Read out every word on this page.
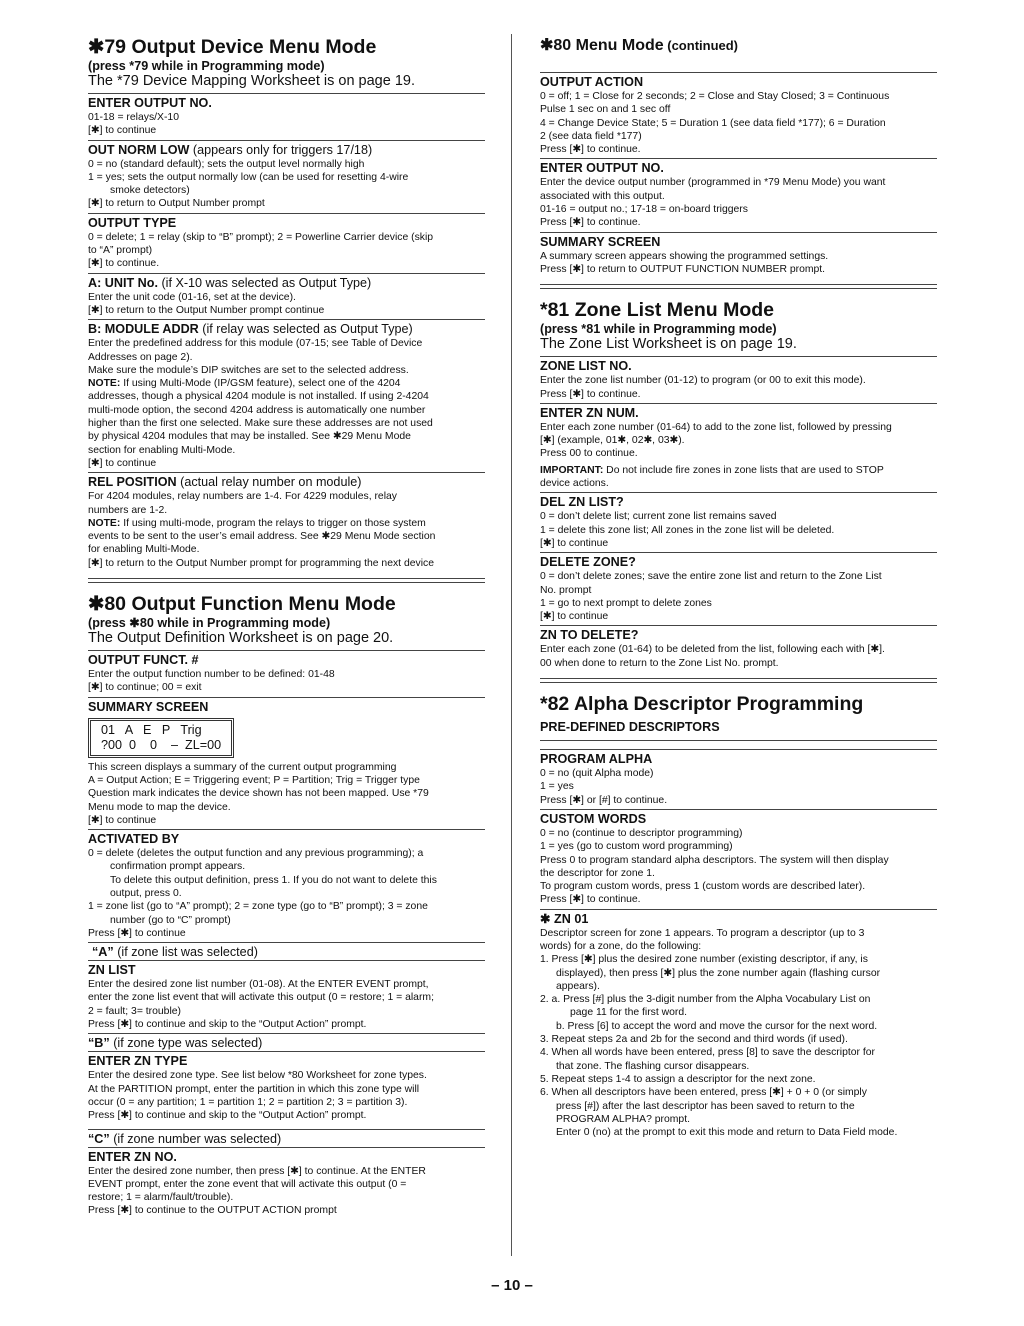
✱79 Output Device Menu Mode
(press *79 while in Programming mode)
The *79 Device Mapping Worksheet is on page 19.
ENTER OUTPUT NO.
01-18 = relays/X-10
[✱] to continue
OUT NORM LOW (appears only for triggers 17/18)
0 = no (standard default); sets the output level normally high
1 = yes; sets the output normally low (can be used for resetting 4-wire
smoke detectors)
[✱] to return to Output Number prompt
OUTPUT TYPE
0 = delete; 1 = relay (skip to “B” prompt); 2 = Powerline Carrier device (skip
to “A” prompt)
[✱] to continue.
A: UNIT No. (if X-10 was selected as Output Type)
Enter the unit code (01-16, set at the device).
[✱] to return to the Output Number prompt continue
B: MODULE ADDR (if relay was selected as Output Type)
Enter the predefined address for this module (07-15; see Table of Device
Addresses on page 2).
Make sure the module’s DIP switches are set to the selected address.
NOTE: If using Multi-Mode (IP/GSM feature), select one of the 4204
addresses, though a physical 4204 module is not installed. If using 2-4204
multi-mode option, the second 4204 address is automatically one number
higher than the first one selected. Make sure these addresses are not used
by physical 4204 modules that may be installed. See ✱29 Menu Mode
section for enabling Multi-Mode.
[✱] to continue
REL POSITION (actual relay number on module)
For 4204 modules, relay numbers are 1-4. For 4229 modules, relay
numbers are 1-2.
NOTE: If using multi-mode, program the relays to trigger on those system
events to be sent to the user’s email address. See ✱29 Menu Mode section
for enabling Multi-Mode.
[✱] to return to the Output Number prompt for programming the next device
✱80 Output Function Menu Mode
(press ✱80 while in Programming mode)
The Output Definition Worksheet is on page 20.
OUTPUT FUNCT. #
Enter the output function number to be defined: 01-48
[✱] to continue; 00 = exit
SUMMARY SCREEN
01   A   E   P   Trig
?00  0    0    –  ZL=00
This screen displays a summary of the current output programming
A = Output Action; E = Triggering event; P = Partition; Trig = Trigger type
Question mark indicates the device shown has not been mapped. Use *79
Menu mode to map the device.
[✱] to continue
ACTIVATED BY
0 = delete (deletes the output function and any previous programming); a
confirmation prompt appears.
To delete this output definition, press 1. If you do not want to delete this
output, press 0.
1 = zone list (go to “A” prompt); 2 = zone type (go to “B” prompt); 3 = zone
number (go to “C” prompt)
Press [✱] to continue
“A” (if zone list was selected)
ZN LIST
Enter the desired zone list number (01-08). At the ENTER EVENT prompt,
enter the zone list event that will activate this output (0 = restore; 1 = alarm;
2 = fault; 3= trouble)
Press [✱] to continue and skip to the “Output Action” prompt.
“B” (if zone type was selected)
ENTER ZN TYPE
Enter the desired zone type. See list below *80 Worksheet for zone types.
At the PARTITION prompt, enter the partition in which this zone type will
occur (0 = any partition; 1 = partition 1; 2 = partition 2; 3 = partition 3).
Press [✱] to continue and skip to the “Output Action” prompt.
“C” (if zone number was selected)
ENTER ZN NO.
Enter the desired zone number, then press [✱] to continue. At the ENTER
EVENT prompt, enter the zone event that will activate this output (0 =
restore; 1 = alarm/fault/trouble).
Press [✱] to continue to the OUTPUT ACTION prompt
✱80 Menu Mode (continued)
OUTPUT ACTION
0 = off; 1 = Close for 2 seconds; 2 = Close and Stay Closed; 3 = Continuous
Pulse 1 sec on and 1 sec off
4 = Change Device State; 5 = Duration 1 (see data field *177); 6 = Duration
2 (see data field *177)
Press [✱] to continue.
ENTER OUTPUT NO.
Enter the device output number (programmed in *79 Menu Mode) you want
associated with this output.
01-16 = output no.; 17-18 = on-board triggers
Press [✱] to continue.
SUMMARY SCREEN
A summary screen appears showing the programmed settings.
Press [✱] to return to OUTPUT FUNCTION NUMBER prompt.
*81 Zone List Menu Mode
(press *81 while in Programming mode)
The Zone List Worksheet is on page 19.
ZONE LIST NO.
Enter the zone list number (01-12) to program (or 00 to exit this mode).
Press [✱] to continue.
ENTER ZN NUM.
Enter each zone number (01-64) to add to the zone list, followed by pressing
[✱] (example, 01✱, 02✱, 03✱).
Press 00 to continue.
IMPORTANT: Do not include fire zones in zone lists that are used to STOP
device actions.
DEL ZN LIST?
0 = don’t delete list; current zone list remains saved
1 = delete this zone list; All zones in the zone list will be deleted.
[✱] to continue
DELETE ZONE?
0 = don’t delete zones; save the entire zone list and return to the Zone List
No. prompt
1 = go to next prompt to delete zones
[✱] to continue
ZN TO DELETE?
Enter each zone (01-64) to be deleted from the list, following each with [✱].
00 when done to return to the Zone List No. prompt.
*82 Alpha Descriptor Programming
PRE-DEFINED DESCRIPTORS
PROGRAM ALPHA
0 = no (quit Alpha mode)
1 = yes
Press [✱] or [#] to continue.
CUSTOM WORDS
0 = no (continue to descriptor programming)
1 = yes (go to custom word programming)
Press 0 to program standard alpha descriptors. The system will then display
the descriptor for zone 1.
To program custom words, press 1 (custom words are described later).
Press [✱] to continue.
✱ ZN 01
Descriptor screen for zone 1 appears. To program a descriptor (up to 3
words) for a zone, do the following:
1. Press [✱] plus the desired zone number (existing descriptor, if any, is
displayed), then press [✱] plus the zone number again (flashing cursor
appears).
2. a. Press [#] plus the 3-digit number from the Alpha Vocabulary List on
page 11 for the first word.
b. Press [6] to accept the word and move the cursor for the next word.
3. Repeat steps 2a and 2b for the second and third words (if used).
4. When all words have been entered, press [8] to save the descriptor for
that zone. The flashing cursor disappears.
5. Repeat steps 1-4 to assign a descriptor for the next zone.
6. When all descriptors have been entered, press [✱] + 0 + 0 (or simply
press [#]) after the last descriptor has been saved to return to the
PROGRAM ALPHA? prompt.
Enter 0 (no) at the prompt to exit this mode and return to Data Field mode.
– 10 –
